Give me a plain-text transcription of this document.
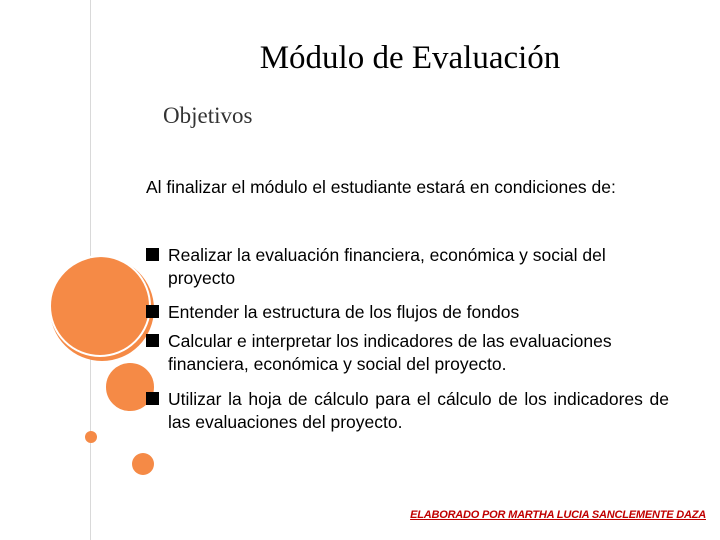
Módulo de Evaluación
Objetivos
Al finalizar el módulo el estudiante estará en condiciones de:
Realizar la evaluación financiera, económica y social del proyecto
Entender la estructura de los flujos de fondos
Calcular e interpretar los indicadores de las evaluaciones financiera, económica y social del proyecto.
Utilizar la hoja de cálculo para el cálculo de los indicadores de las evaluaciones del proyecto.
ELABORADO POR MARTHA LUCIA SANCLEMENTE DAZA
